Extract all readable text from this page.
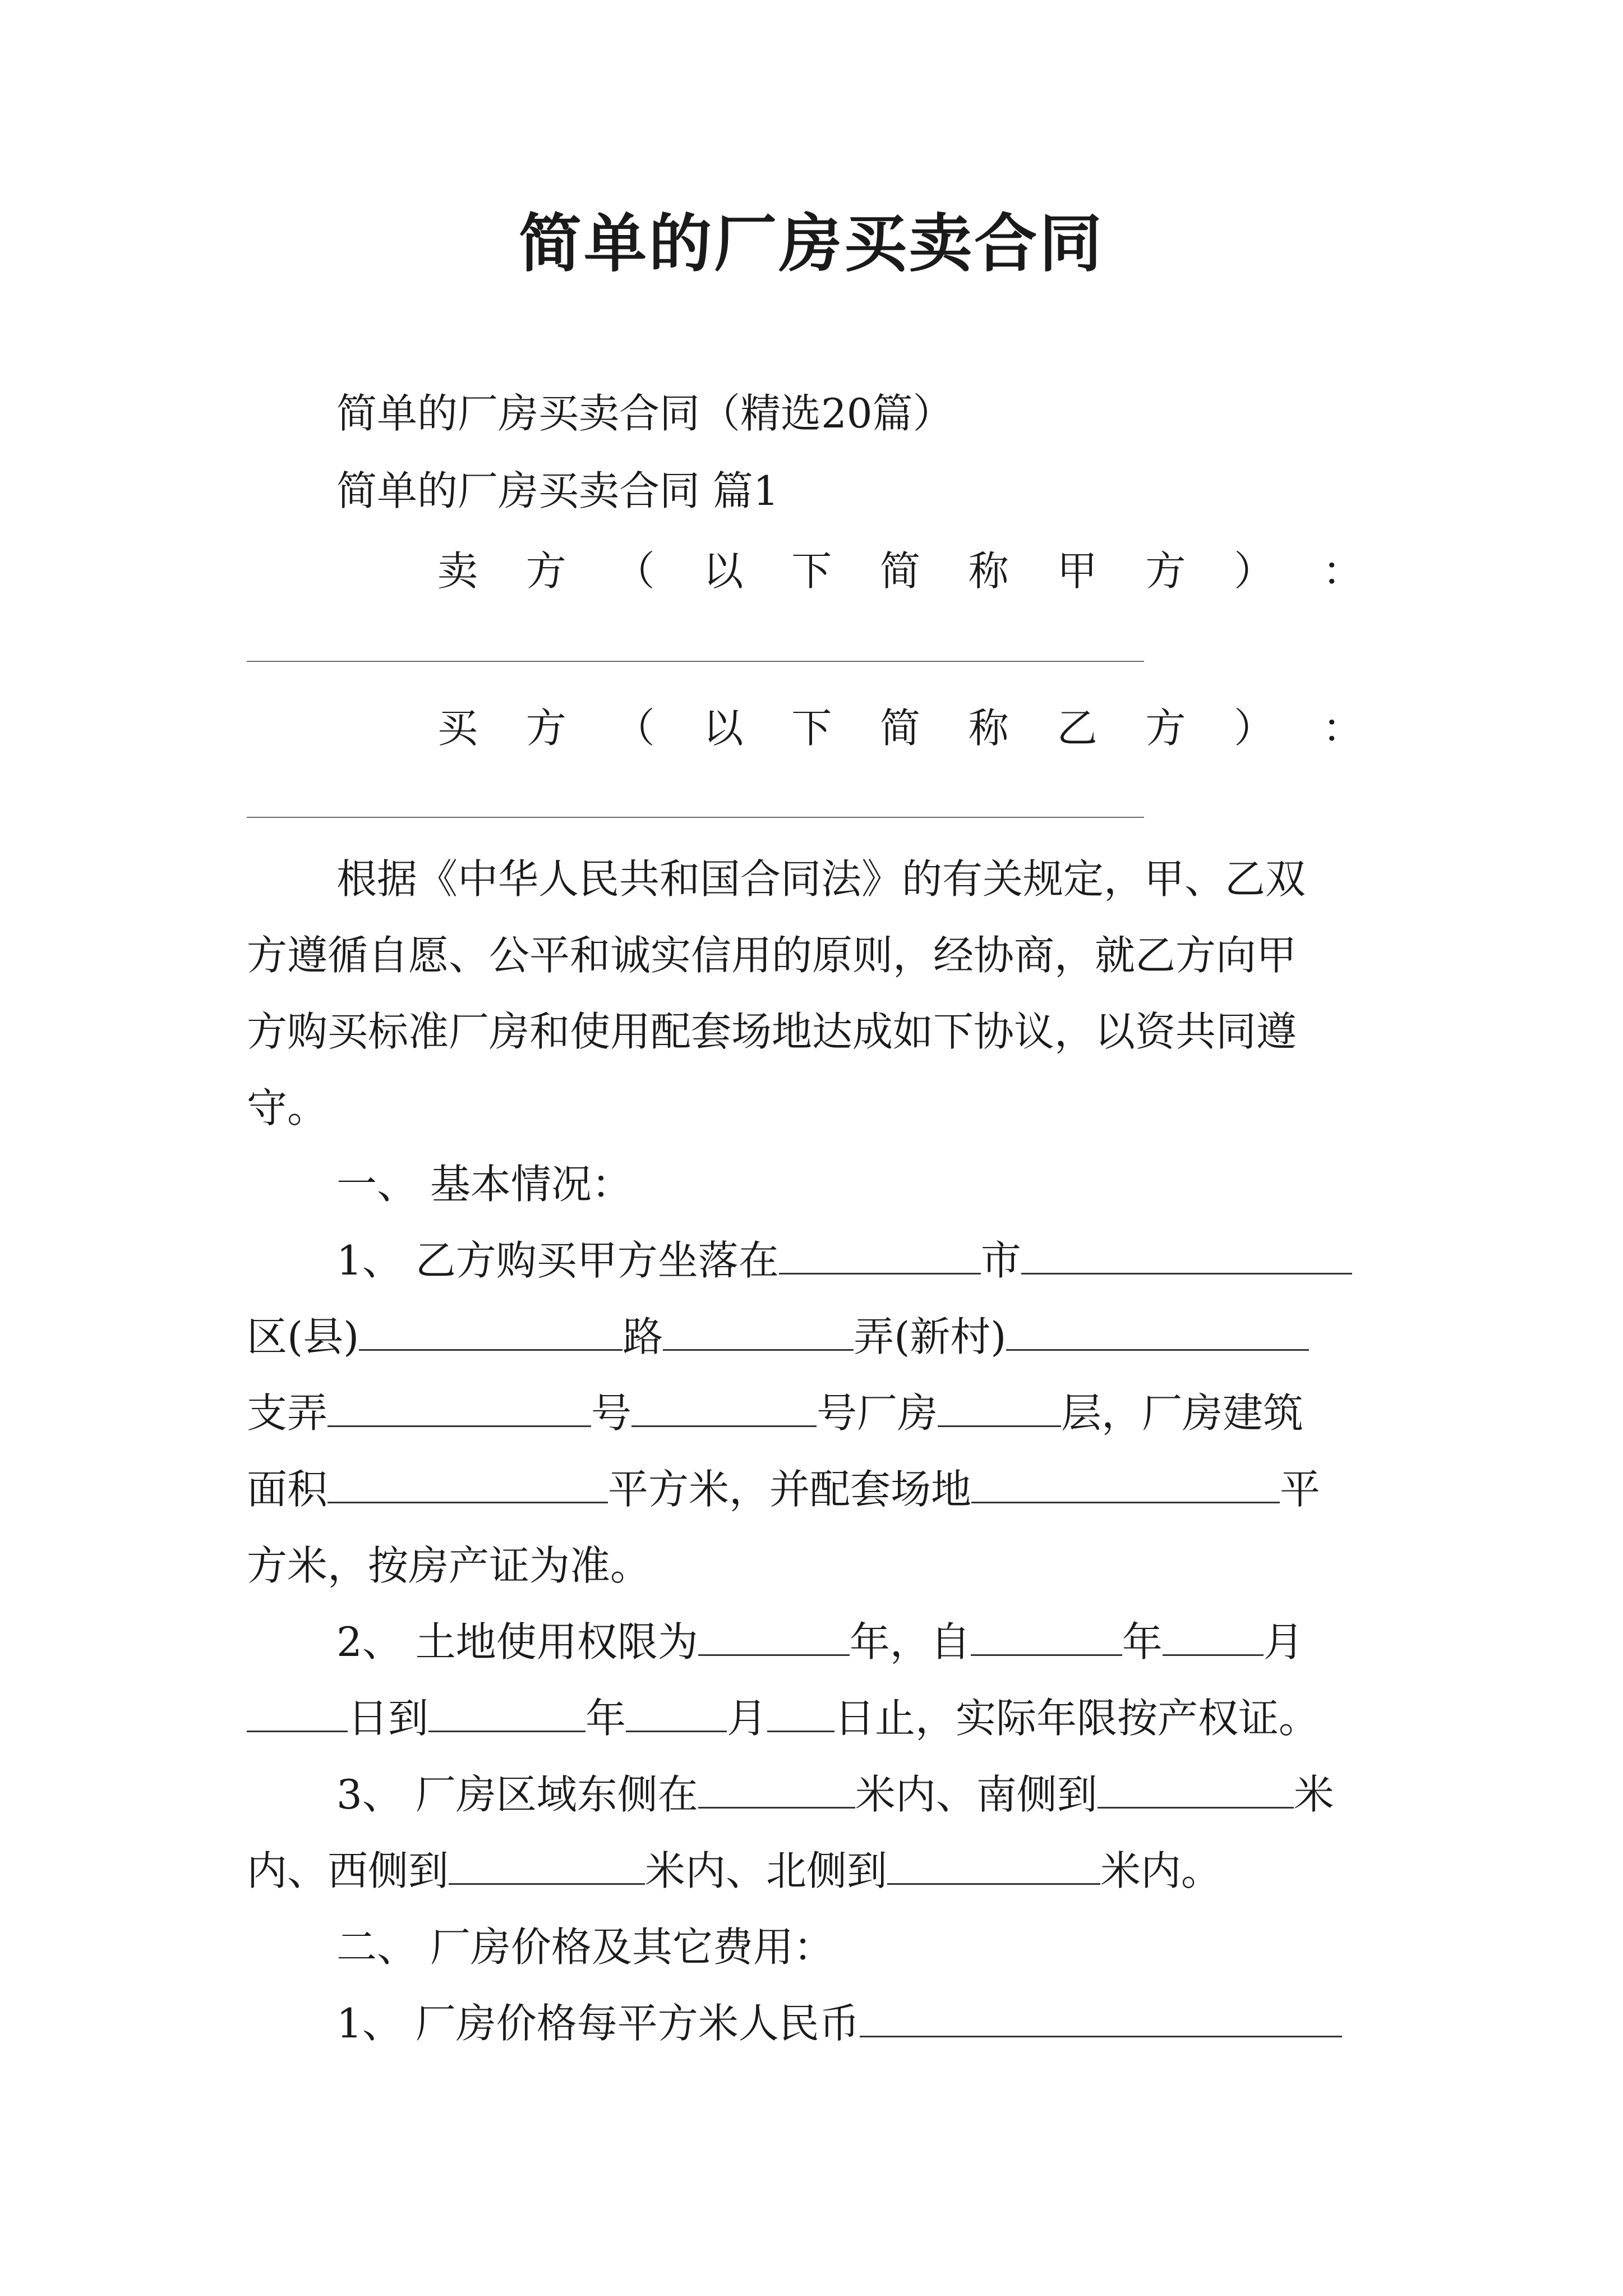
简单的厂房买卖合同
简单的厂房买卖合同（精选20篇）
简单的厂房买卖合同 篇1
卖 方 （ 以 下 简 称 甲 方 ） ：
买 方 （ 以 下 简 称 乙 方 ） ：
根据《中华人民共和国合同法》的有关规定，甲、乙双
方遵循自愿、公平和诚实信用的原则，经协商，就乙方向甲
方购买标准厂房和使用配套场地达成如下协议，以资共同遵
守。
一、 基本情况：
1、 乙方购买甲方坐落在	市
区(县)	路	弄(新村)
支弄	号	号厂房	层，厂房建筑
面积	平方米，并配套场地	平
方米，按房产证为准。
2、 土地使用权限为	年，自	年	月
日到	年	月 日止，实际年限按产权证。
3、 厂房区域东侧在	米内、南侧到	米
内、西侧到	米内、北侧到	米内。
二、 厂房价格及其它费用：
1、 厂房价格每平方米人民币
